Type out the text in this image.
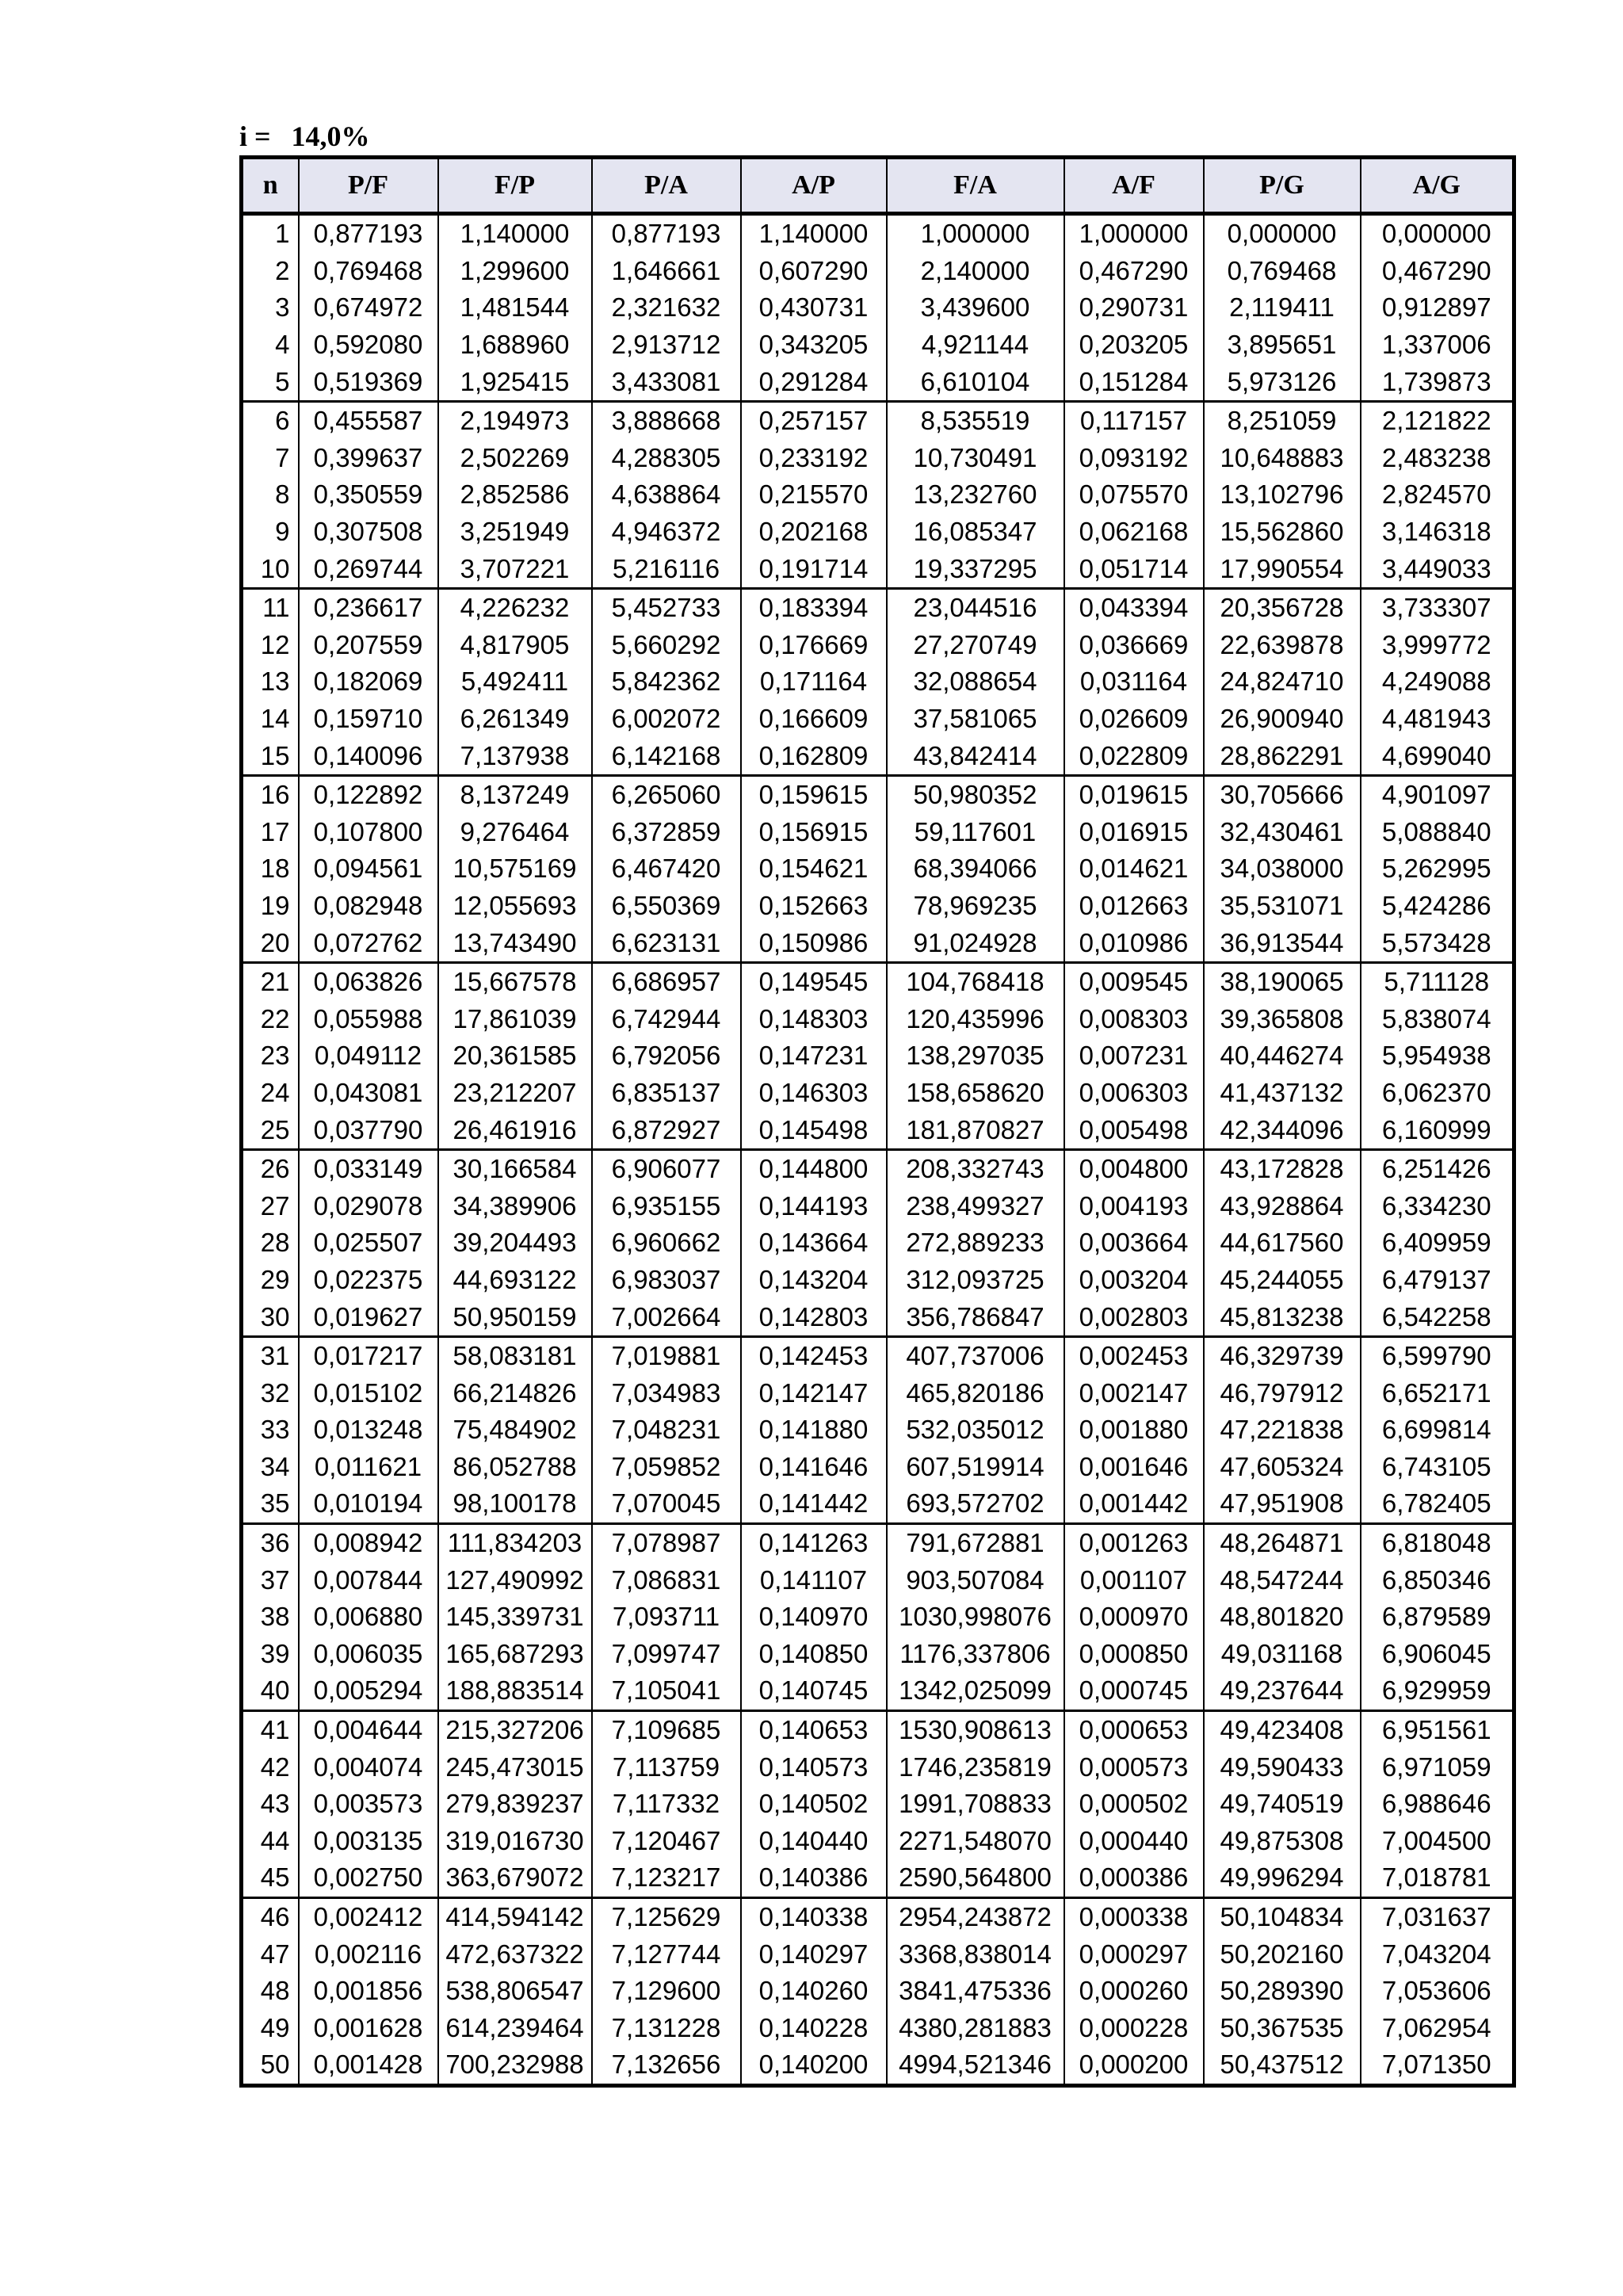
i = 14,0%
n	P/F	F/P	P/A	A/P	F/A	A/F	P/G	A/G
1	0,877193	1,140000	0,877193	1,140000	1,000000	1,000000	0,000000	0,000000
2	0,769468	1,299600	1,646661	0,607290	2,140000	0,467290	0,769468	0,467290
3	0,674972	1,481544	2,321632	0,430731	3,439600	0,290731	2,119411	0,912897
4	0,592080	1,688960	2,913712	0,343205	4,921144	0,203205	3,895651	1,337006
5	0,519369	1,925415	3,433081	0,291284	6,610104	0,151284	5,973126	1,739873
6	0,455587	2,194973	3,888668	0,257157	8,535519	0,117157	8,251059	2,121822
7	0,399637	2,502269	4,288305	0,233192	10,730491	0,093192	10,648883	2,483238
8	0,350559	2,852586	4,638864	0,215570	13,232760	0,075570	13,102796	2,824570
9	0,307508	3,251949	4,946372	0,202168	16,085347	0,062168	15,562860	3,146318
10	0,269744	3,707221	5,216116	0,191714	19,337295	0,051714	17,990554	3,449033
11	0,236617	4,226232	5,452733	0,183394	23,044516	0,043394	20,356728	3,733307
12	0,207559	4,817905	5,660292	0,176669	27,270749	0,036669	22,639878	3,999772
13	0,182069	5,492411	5,842362	0,171164	32,088654	0,031164	24,824710	4,249088
14	0,159710	6,261349	6,002072	0,166609	37,581065	0,026609	26,900940	4,481943
15	0,140096	7,137938	6,142168	0,162809	43,842414	0,022809	28,862291	4,699040
16	0,122892	8,137249	6,265060	0,159615	50,980352	0,019615	30,705666	4,901097
17	0,107800	9,276464	6,372859	0,156915	59,117601	0,016915	32,430461	5,088840
18	0,094561	10,575169	6,467420	0,154621	68,394066	0,014621	34,038000	5,262995
19	0,082948	12,055693	6,550369	0,152663	78,969235	0,012663	35,531071	5,424286
20	0,072762	13,743490	6,623131	0,150986	91,024928	0,010986	36,913544	5,573428
21	0,063826	15,667578	6,686957	0,149545	104,768418	0,009545	38,190065	5,711128
22	0,055988	17,861039	6,742944	0,148303	120,435996	0,008303	39,365808	5,838074
23	0,049112	20,361585	6,792056	0,147231	138,297035	0,007231	40,446274	5,954938
24	0,043081	23,212207	6,835137	0,146303	158,658620	0,006303	41,437132	6,062370
25	0,037790	26,461916	6,872927	0,145498	181,870827	0,005498	42,344096	6,160999
26	0,033149	30,166584	6,906077	0,144800	208,332743	0,004800	43,172828	6,251426
27	0,029078	34,389906	6,935155	0,144193	238,499327	0,004193	43,928864	6,334230
28	0,025507	39,204493	6,960662	0,143664	272,889233	0,003664	44,617560	6,409959
29	0,022375	44,693122	6,983037	0,143204	312,093725	0,003204	45,244055	6,479137
30	0,019627	50,950159	7,002664	0,142803	356,786847	0,002803	45,813238	6,542258
31	0,017217	58,083181	7,019881	0,142453	407,737006	0,002453	46,329739	6,599790
32	0,015102	66,214826	7,034983	0,142147	465,820186	0,002147	46,797912	6,652171
33	0,013248	75,484902	7,048231	0,141880	532,035012	0,001880	47,221838	6,699814
34	0,011621	86,052788	7,059852	0,141646	607,519914	0,001646	47,605324	6,743105
35	0,010194	98,100178	7,070045	0,141442	693,572702	0,001442	47,951908	6,782405
36	0,008942	111,834203	7,078987	0,141263	791,672881	0,001263	48,264871	6,818048
37	0,007844	127,490992	7,086831	0,141107	903,507084	0,001107	48,547244	6,850346
38	0,006880	145,339731	7,093711	0,140970	1030,998076	0,000970	48,801820	6,879589
39	0,006035	165,687293	7,099747	0,140850	1176,337806	0,000850	49,031168	6,906045
40	0,005294	188,883514	7,105041	0,140745	1342,025099	0,000745	49,237644	6,929959
41	0,004644	215,327206	7,109685	0,140653	1530,908613	0,000653	49,423408	6,951561
42	0,004074	245,473015	7,113759	0,140573	1746,235819	0,000573	49,590433	6,971059
43	0,003573	279,839237	7,117332	0,140502	1991,708833	0,000502	49,740519	6,988646
44	0,003135	319,016730	7,120467	0,140440	2271,548070	0,000440	49,875308	7,004500
45	0,002750	363,679072	7,123217	0,140386	2590,564800	0,000386	49,996294	7,018781
46	0,002412	414,594142	7,125629	0,140338	2954,243872	0,000338	50,104834	7,031637
47	0,002116	472,637322	7,127744	0,140297	3368,838014	0,000297	50,202160	7,043204
48	0,001856	538,806547	7,129600	0,140260	3841,475336	0,000260	50,289390	7,053606
49	0,001628	614,239464	7,131228	0,140228	4380,281883	0,000228	50,367535	7,062954
50	0,001428	700,232988	7,132656	0,140200	4994,521346	0,000200	50,437512	7,071350
